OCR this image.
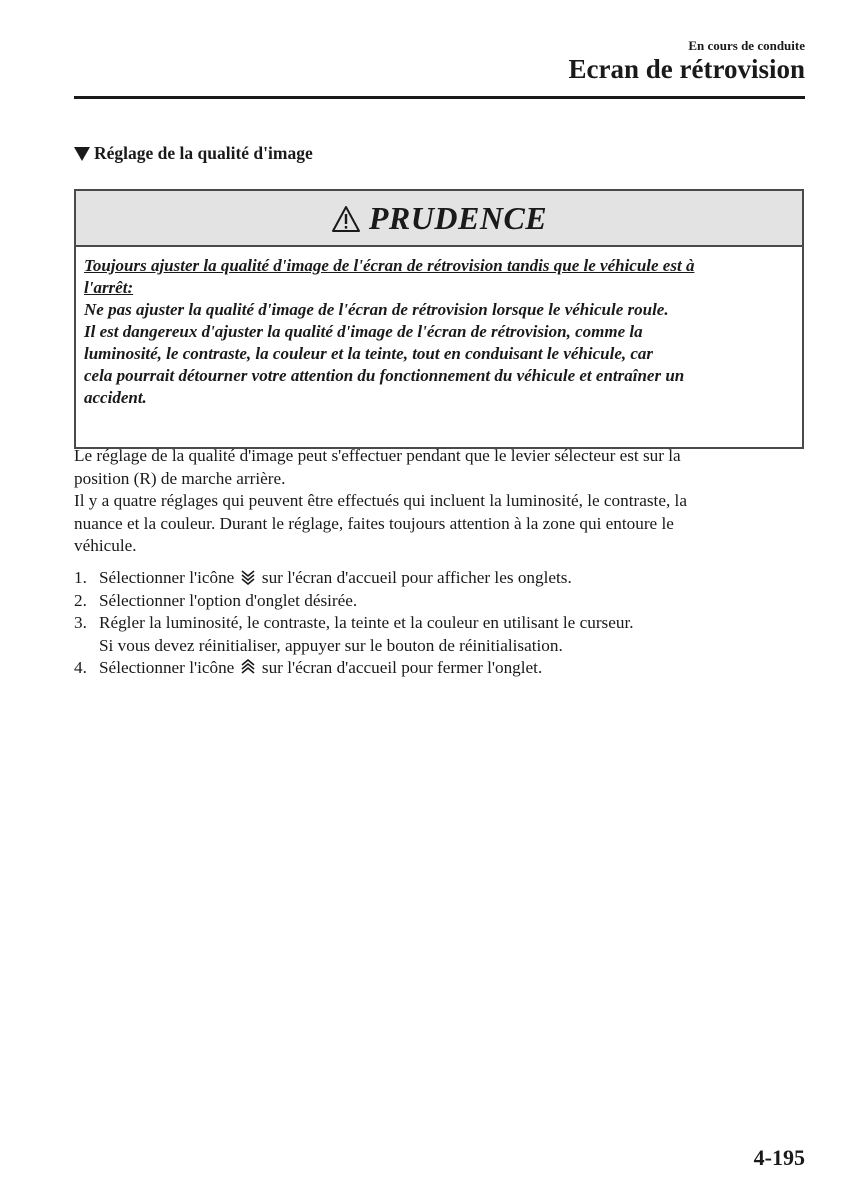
En cours de conduite
Ecran de rétrovision
Réglage de la qualité d'image
PRUDENCE

Toujours ajuster la qualité d'image de l'écran de rétrovision tandis que le véhicule est à

l'arrêt:

Ne pas ajuster la qualité d'image de l'écran de rétrovision lorsque le véhicule roule.

Il est dangereux d'ajuster la qualité d'image de l'écran de rétrovision, comme la

luminosité, le contraste, la couleur et la teinte, tout en conduisant le véhicule, car

cela pourrait détourner votre attention du fonctionnement du véhicule et entraîner un

accident.

Le réglage de la qualité d'image peut s'effectuer pendant que le levier sélecteur est sur la

position (R) de marche arrière.

Il y a quatre réglages qui peuvent être effectués qui incluent la luminosité, le contraste, la

nuance et la couleur. Durant le réglage, faites toujours attention à la zone qui entoure le

véhicule.

1. Sélectionner l'icône sur l'écran d'accueil pour afficher les onglets.
2. Sélectionner l'option d'onglet désirée.
3. Régler la luminosité, le contraste, la teinte et la couleur en utilisant le curseur.
Si vous devez réinitialiser, appuyer sur le bouton de réinitialisation.
4. Sélectionner l'icône sur l'écran d'accueil pour fermer l'onglet.
4-195
